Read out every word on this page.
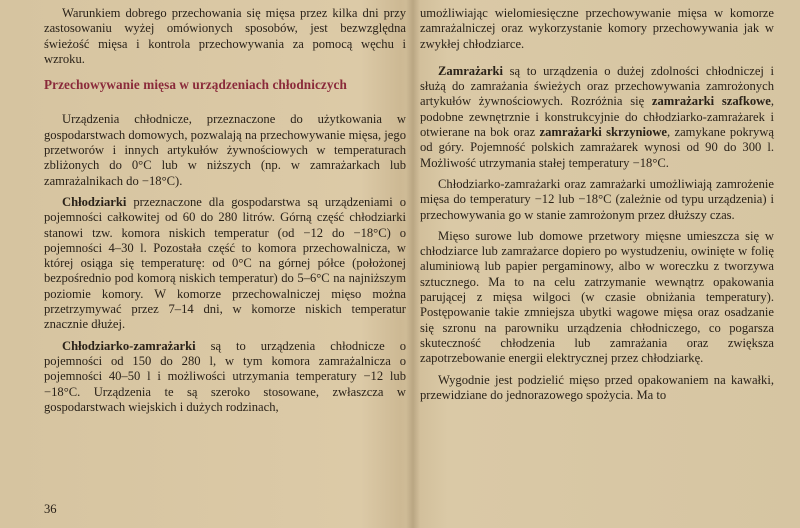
Warunkiem dobrego przechowania się mięsa przez kilka dni przy zastosowaniu wyżej omówionych sposobów, jest bezwzględna świeżość mięsa i kontrola przechowywania za pomocą węchu i wzroku.

Przechowywanie mięsa w urządzeniach chłodniczych

Urządzenia chłodnicze, przeznaczone do użytkowania w gospodarstwach domowych, pozwalają na przechowywanie mięsa, jego przetworów i innych artykułów żywnościowych w temperaturach zbliżonych do 0°C lub w niższych (np. w zamrażarkach lub zamrażalnikach do −18°C).

Chłodziarki przeznaczone dla gospodarstwa są urządzeniami o pojemności całkowitej od 60 do 280 litrów. Górną część chłodziarki stanowi tzw. komora niskich temperatur (od −12 do −18°C) o pojemności 4–30 l. Pozostała część to komora przechowalnicza, w której osiąga się temperaturę: od 0°C na górnej półce (położonej bezpośrednio pod komorą niskich temperatur) do 5–6°C na najniższym poziomie komory. W komorze przechowalniczej mięso można przetrzymywać przez 7–14 dni, w komorze niskich temperatur znacznie dłużej.

Chłodziarko-zamrażarki są to urządzenia chłodnicze o pojemności od 150 do 280 l, w tym komora zamrażalnicza o pojemności 40–50 l i możliwości utrzymania temperatury −12 lub −18°C. Urządzenia te są szeroko stosowane, zwłaszcza w gospodarstwach wiejskich i dużych rodzinach,

umożliwiając wielomiesięczne przechowywanie mięsa w komorze zamrażalniczej oraz wykorzystanie komory przechowywania jak w zwykłej chłodziarce.

Zamrażarki są to urządzenia o dużej zdolności chłodniczej i służą do zamrażania świeżych oraz przechowywania zamrożonych artykułów żywnościowych. Rozróżnia się zamrażarki szafkowe, podobne zewnętrznie i konstrukcyjnie do chłodziarko-zamrażarek i otwierane na bok oraz zamrażarki skrzyniowe, zamykane pokrywą od góry. Pojemność polskich zamrażarek wynosi od 90 do 300 l. Możliwość utrzymania stałej temperatury −18°C.

Chłodziarko-zamrażarki oraz zamrażarki umożliwiają zamrożenie mięsa do temperatury −12 lub −18°C (zależnie od typu urządzenia) i przechowywania go w stanie zamrożonym przez dłuższy czas.

Mięso surowe lub domowe przetwory mięsne umieszcza się w chłodziarce lub zamrażarce dopiero po wystudzeniu, owinięte w folię aluminiową lub papier pergaminowy, albo w woreczku z tworzywa sztucznego. Ma to na celu zatrzymanie wewnątrz opakowania parującej z mięsa wilgoci (w czasie obniżania temperatury). Postępowanie takie zmniejsza ubytki wagowe mięsa oraz osadzanie się szronu na parowniku urządzenia chłodniczego, co pogarsza skuteczność chłodzenia lub zamrażania oraz zwiększa zapotrzebowanie energii elektrycznej przez chłodziarkę.

Wygodnie jest podzielić mięso przed opakowaniem na kawałki, przewidziane do jednorazowego spożycia. Ma to

36
